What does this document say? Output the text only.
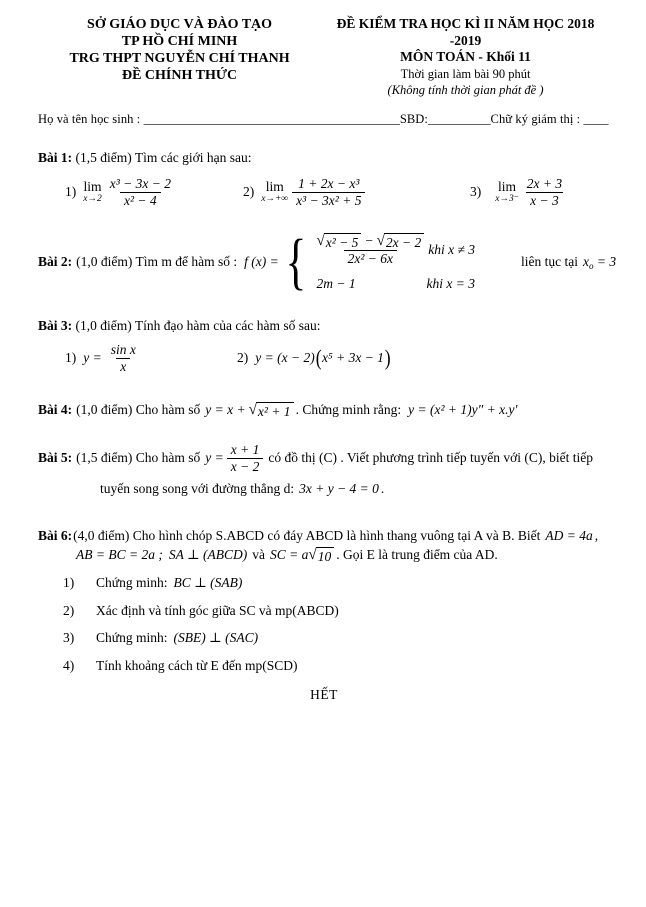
SỞ GIÁO DỤC VÀ ĐÀO TẠO
TP HỒ CHÍ MINH
TRG THPT NGUYỄN CHÍ THANH
ĐỀ CHÍNH THỨC
ĐỀ KIỂM TRA HỌC KÌ II NĂM HỌC 2018 -2019
MÔN TOÁN - Khối 11
Thời gian làm bài 90 phút
(Không tính thời gian phát đề )
Họ và tên học sinh : _________________________________________SBD:__________Chữ ký giám thị : ____
Bài 1: (1,5 điểm) Tìm các giới hạn sau:
1) lim
$x\to 2 \frac{\text{x³ − 3x − 2}}{\text{x² − 4}}$	2) lim
$x\to+\infty \frac{\text{1 + 2x − x³}}{\text{x³ − 3x² + 5}}$	3) lim
$x\to 3^- \frac{2x + 3}{x - 3}$
Bài 2: (1,0 điểm) Tìm m để hàm số : f (x) = { √ x² − 5 − √ 2x − 2
2x² − 6x
khi x ≠ 3
2m − 1	khi x = 3
liên tục tại $x_o = 3$
Bài 3: (1,0 điểm) Tính đạo hàm của các hàm số sau:
1) $y = \frac{\text{sin x}}{x}$	2) y = (x − 2) ( x⁵ + 3x − 1 )
Bài 4: (1,0 điểm) Cho hàm số y = x + √ x² + 1 . Chứng minh rằng: y = (x² + 1)y″ + x.y′
Bài 5: (1,5 điểm) Cho hàm số $y = \frac{x + 1}{x - 2}$ có đồ thị (C) . Viết phương trình tiếp tuyến với (C), biết tiếp
tuyến song song với đường thẳng d: 3x + y − 4 = 0 .
Bài 6: (4,0 điểm) Cho hình chóp S.ABCD có đáy ABCD là hình thang vuông tại A và B. Biết AD = 4a ,
AB = BC = 2a ; SA ⊥ (ABCD) và SC = a √ 10 . Gọi E là trung điểm của AD.
1)	Chứng minh: BC ⊥ (SAB)
2)	Xác định và tính góc giữa SC và mp(ABCD)
3)	Chứng minh: (SBE) ⊥ (SAC)
4)	Tính khoảng cách từ E đến mp(SCD)
HẾT
